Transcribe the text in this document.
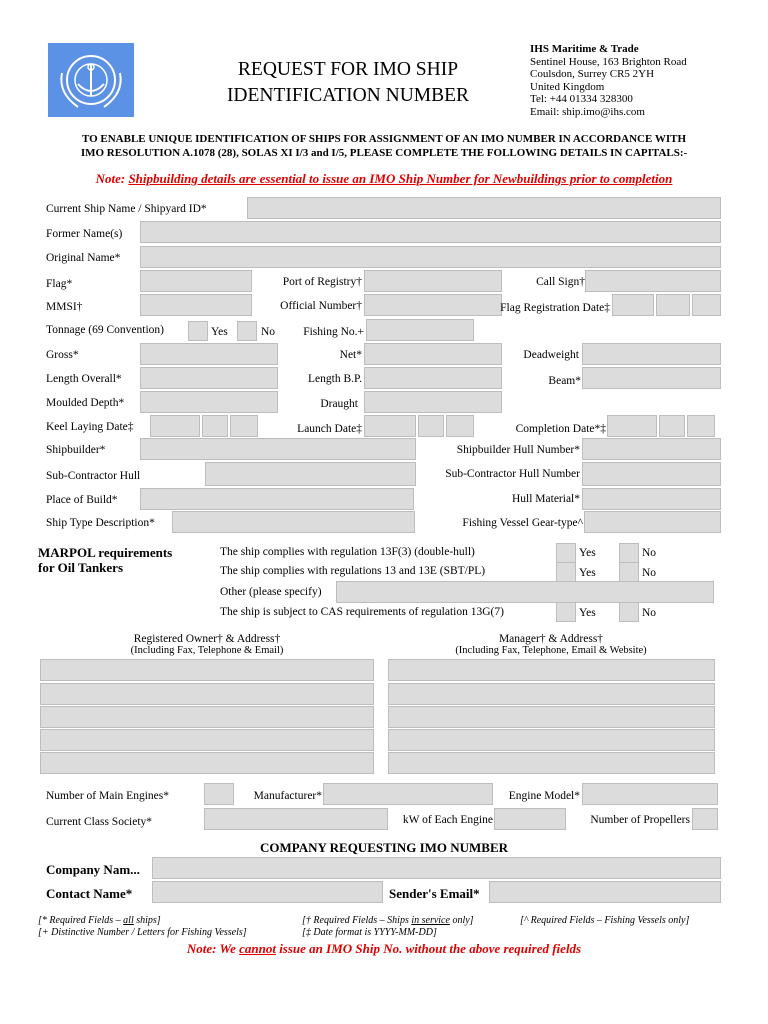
REQUEST FOR IMO SHIP
IDENTIFICATION NUMBER
IHS Maritime & Trade
Sentinel House, 163 Brighton Road
Coulsdon, Surrey CR5 2YH
United Kingdom
Tel: +44 01334 328300
Email: ship.imo@ihs.com
TO ENABLE UNIQUE IDENTIFICATION OF SHIPS FOR ASSIGNMENT OF AN IMO NUMBER IN ACCORDANCE WITH
IMO RESOLUTION A.1078 (28), SOLAS XI I/3 and I/5, PLEASE COMPLETE THE FOLLOWING DETAILS IN CAPITALS:-
Note: Shipbuilding details are essential to issue an IMO Ship Number for Newbuildings prior to completion
Current Ship Name / Shipyard ID*
Former Name(s)
Original Name*
Flag*	Port of Registry†	Call Sign†
MMSI†	Official Number†	Flag Registration Date‡
Tonnage (69 Convention)	Yes	No	Fishing No.+
Gross*	Net*	Deadweight
Length Overall*	Length B.P.	Beam*
Moulded Depth*	Draught
Keel Laying Date‡	Launch Date‡	Completion Date*‡
Shipbuilder*	Shipbuilder Hull Number*
Sub-Contractor Hull	Sub-Contractor Hull Number
Place of Build*	Hull Material*
Ship Type Description*	Fishing Vessel Gear-type^
MARPOL requirements
for Oil Tankers
The ship complies with regulation 13F(3) (double-hull)	Yes	No
The ship complies with regulations 13 and 13E (SBT/PL)	Yes	No
Other (please specify)
The ship is subject to CAS requirements of regulation 13G(7)	Yes	No
Registered Owner† & Address†
(Including Fax, Telephone & Email)
Manager† & Address†
(Including Fax, Telephone, Email & Website)
Number of Main Engines*	Manufacturer*	Engine Model*
Current Class Society*	kW of Each Engine	Number of Propellers
COMPANY REQUESTING IMO NUMBER
Company Nam...
Contact Name*	Sender's Email*
[* Required Fields – all ships]	[† Required Fields – Ships in service only]	[^ Required Fields – Fishing Vessels only]
[+ Distinctive Number / Letters for Fishing Vessels]	[‡ Date format is YYYY-MM-DD]
Note: We cannot issue an IMO Ship No. without the above required fields
